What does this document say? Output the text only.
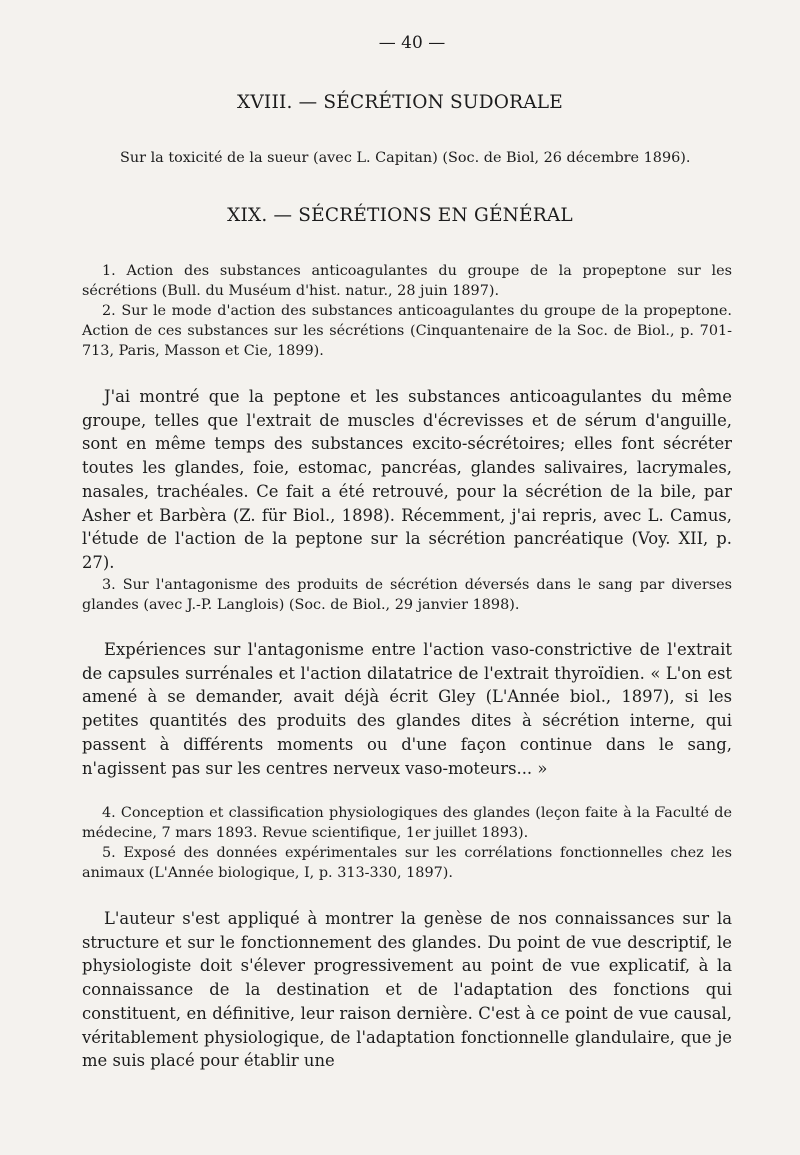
— 40 —
XVIII. — SÉCRÉTION SUDORALE

Sur la toxicité de la sueur (avec L. Capitan) (Soc. de Biol, 26 décembre 1896).

XIX. — SÉCRÉTIONS EN GÉNÉRAL

1. Action des substances anticoagulantes du groupe de la propeptone sur les sécrétions (Bull. du Muséum d'hist. natur., 28 juin 1897).

2. Sur le mode d'action des substances anticoagulantes du groupe de la propeptone. Action de ces substances sur les sécrétions (Cinquantenaire de la Soc. de Biol., p. 701-713, Paris, Masson et Cie, 1899).

J'ai montré que la peptone et les substances anticoagulantes du même groupe, telles que l'extrait de muscles d'écrevisses et de sérum d'anguille, sont en même temps des substances excito-sécrétoires; elles font sécréter toutes les glandes, foie, estomac, pancréas, glandes salivaires, lacrymales, nasales, trachéales. Ce fait a été retrouvé, pour la sécrétion de la bile, par Asher et Barbèra (Z. für Biol., 1898). Récemment, j'ai repris, avec L. Camus, l'étude de l'action de la peptone sur la sécrétion pancréatique (Voy. XII, p. 27).

3. Sur l'antagonisme des produits de sécrétion déversés dans le sang par diverses glandes (avec J.-P. Langlois) (Soc. de Biol., 29 janvier 1898).

Expériences sur l'antagonisme entre l'action vaso-constrictive de l'extrait de capsules surrénales et l'action dilatatrice de l'extrait thyroïdien. « L'on est amené à se demander, avait déjà écrit Gley (L'Année biol., 1897), si les petites quantités des produits des glandes dites à sécrétion interne, qui passent à différents moments ou d'une façon continue dans le sang, n'agissent pas sur les centres nerveux vaso-moteurs... »

4. Conception et classification physiologiques des glandes (leçon faite à la Faculté de médecine, 7 mars 1893. Revue scientifique, 1er juillet 1893).

5. Exposé des données expérimentales sur les corrélations fonctionnelles chez les animaux (L'Année biologique, I, p. 313-330, 1897).

L'auteur s'est appliqué à montrer la genèse de nos connaissances sur la structure et sur le fonctionnement des glandes. Du point de vue descriptif, le physiologiste doit s'élever progressivement au point de vue explicatif, à la connaissance de la destination et de l'adaptation des fonctions qui constituent, en définitive, leur raison dernière. C'est à ce point de vue causal, véritablement physiologique, de l'adaptation fonctionnelle glandulaire, que je me suis placé pour établir une
